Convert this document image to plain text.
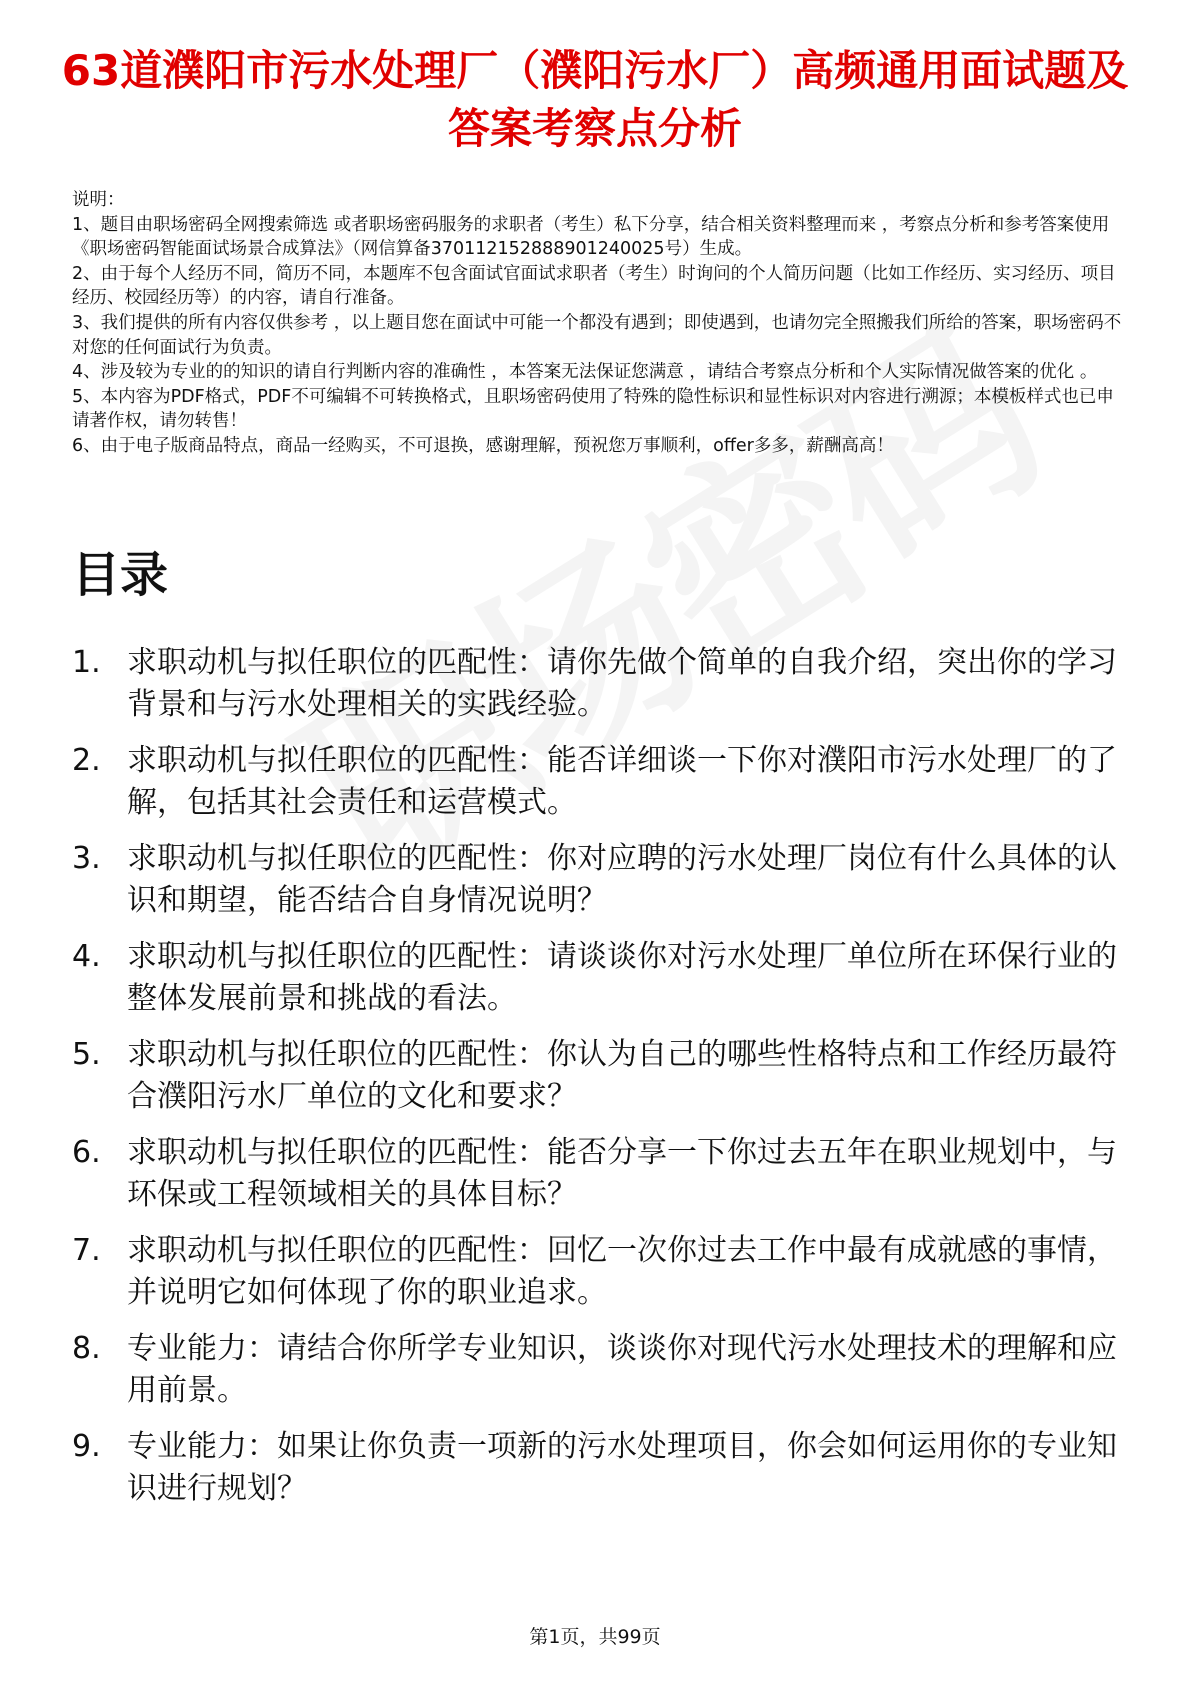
63道濮阳市污水处理厂（濮阳污水厂）高频通用面试题及答案考察点分析

说明：

1、题目由职场密码全网搜索筛选 或者职场密码服务的求职者（考生）私下分享，结合相关资料整理而来 ，考察点分析和参考答案使用《职场密码智能面试场景合成算法》（网信算备370112152888901240025号）生成。

2、由于每个人经历不同，简历不同，本题库不包含面试官面试求职者（考生）时询问的个人简历问题（比如工作经历、实习经历、项目经历、校园经历等）的内容，请自行准备。

3、我们提供的所有内容仅供参考 ，以上题目您在面试中可能一个都没有遇到；即使遇到，也请勿完全照搬我们所给的答案，职场密码不对您的任何面试行为负责。

4、涉及较为专业的的知识的请自行判断内容的准确性 ，本答案无法保证您满意 ，请结合考察点分析和个人实际情况做答案的优化 。

5、本内容为PDF格式，PDF不可编辑不可转换格式，且职场密码使用了特殊的隐性标识和显性标识对内容进行溯源；本模板样式也已申请著作权，请勿转售！

6、由于电子版商品特点，商品一经购买，不可退换，感谢理解，预祝您万事顺利，offer多多，薪酬高高！

目录
1. 求职动机与拟任职位的匹配性：请你先做个简单的自我介绍，突出你的学习背景和与污水处理相关的实践经验。
2. 求职动机与拟任职位的匹配性：能否详细谈一下你对濮阳市污水处理厂的了解，包括其社会责任和运营模式。
3. 求职动机与拟任职位的匹配性：你对应聘的污水处理厂岗位有什么具体的认识和期望，能否结合自身情况说明？
4. 求职动机与拟任职位的匹配性：请谈谈你对污水处理厂单位所在环保行业的整体发展前景和挑战的看法。
5. 求职动机与拟任职位的匹配性：你认为自己的哪些性格特点和工作经历最符合濮阳污水厂单位的文化和要求？
6. 求职动机与拟任职位的匹配性：能否分享一下你过去五年在职业规划中，与环保或工程领域相关的具体目标？
7. 求职动机与拟任职位的匹配性：回忆一次你过去工作中最有成就感的事情，并说明它如何体现了你的职业追求。
8. 专业能力：请结合你所学专业知识，谈谈你对现代污水处理技术的理解和应用前景。
9. 专业能力：如果让你负责一项新的污水处理项目，你会如何运用你的专业知识进行规划？
第1页，共99页
